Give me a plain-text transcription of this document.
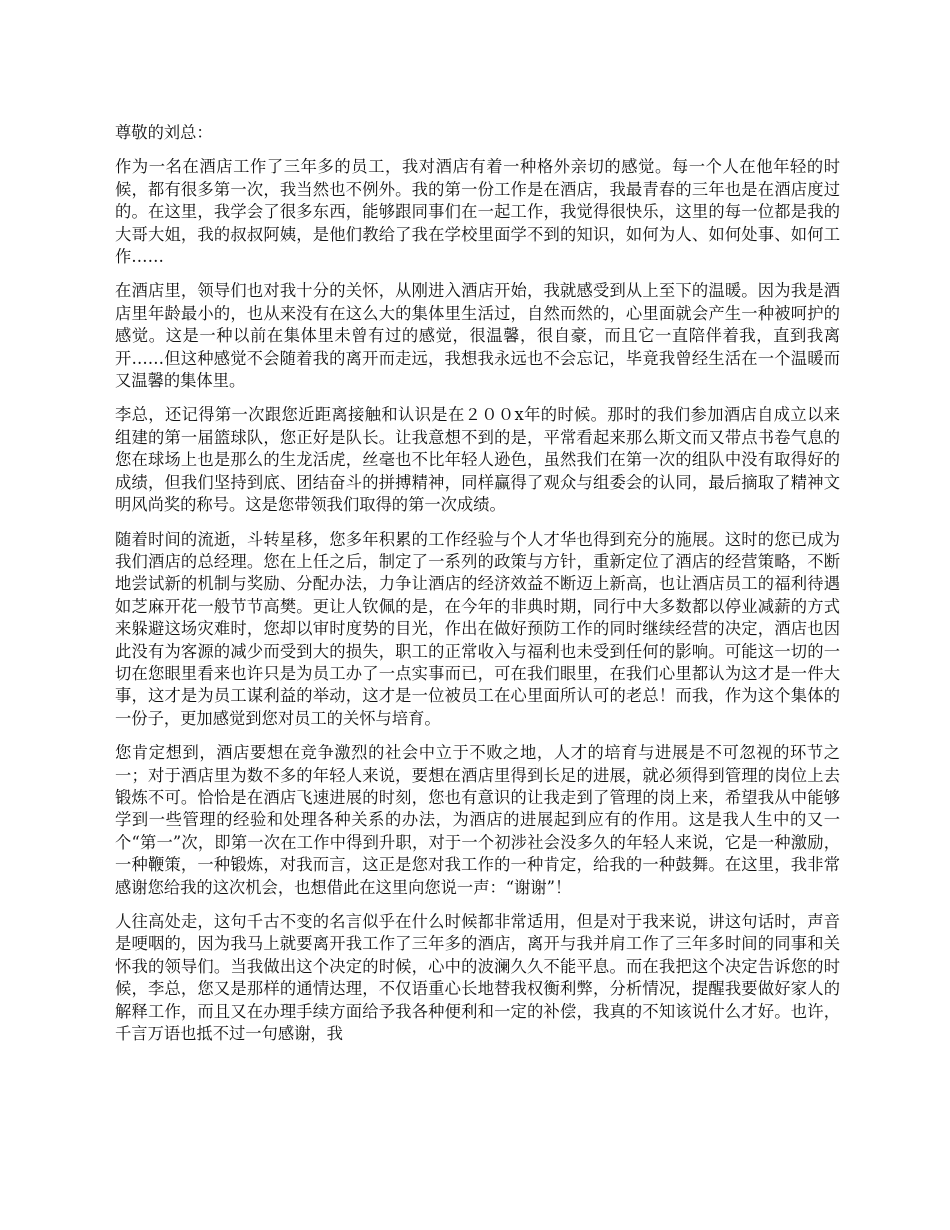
尊敬的刘总：

作为一名在酒店工作了三年多的员工，我对酒店有着一种格外亲切的感觉。每一个人在他年轻的时候，都有很多第一次，我当然也不例外。我的第一份工作是在酒店，我最青春的三年也是在酒店度过的。在这里，我学会了很多东西，能够跟同事们在一起工作，我觉得很快乐，这里的每一位都是我的大哥大姐，我的叔叔阿姨，是他们教给了我在学校里面学不到的知识，如何为人、如何处事、如何工作……

在酒店里，领导们也对我十分的关怀，从刚进入酒店开始，我就感受到从上至下的温暖。因为我是酒店里年龄最小的，也从来没有在这么大的集体里生活过，自然而然的，心里面就会产生一种被呵护的感觉。这是一种以前在集体里未曾有过的感觉，很温馨，很自豪，而且它一直陪伴着我，直到我离开……但这种感觉不会随着我的离开而走远，我想我永远也不会忘记，毕竟我曾经生活在一个温暖而又温馨的集体里。

李总，还记得第一次跟您近距离接触和认识是在２００x年的时候。那时的我们参加酒店自成立以来组建的第一届篮球队，您正好是队长。让我意想不到的是，平常看起来那么斯文而又带点书卷气息的您在球场上也是那么的生龙活虎，丝毫也不比年轻人逊色，虽然我们在第一次的组队中没有取得好的成绩，但我们坚持到底、团结奋斗的拼搏精神，同样赢得了观众与组委会的认同，最后摘取了精神文明风尚奖的称号。这是您带领我们取得的第一次成绩。

随着时间的流逝，斗转星移，您多年积累的工作经验与个人才华也得到充分的施展。这时的您已成为我们酒店的总经理。您在上任之后，制定了一系列的政策与方针，重新定位了酒店的经营策略，不断地尝试新的机制与奖励、分配办法，力争让酒店的经济效益不断迈上新高，也让酒店员工的福利待遇如芝麻开花一般节节高樊。更让人钦佩的是，在今年的非典时期，同行中大多数都以停业减薪的方式来躲避这场灾难时，您却以审时度势的目光，作出在做好预防工作的同时继续经营的决定，酒店也因此没有为客源的减少而受到大的损失，职工的正常收入与福利也未受到任何的影响。可能这一切的一切在您眼里看来也许只是为员工办了一点实事而已，可在我们眼里，在我们心里都认为这才是一件大事，这才是为员工谋利益的举动，这才是一位被员工在心里面所认可的老总！而我，作为这个集体的一份子，更加感觉到您对员工的关怀与培育。

您肯定想到，酒店要想在竞争激烈的社会中立于不败之地，人才的培育与进展是不可忽视的环节之一；对于酒店里为数不多的年轻人来说，要想在酒店里得到长足的进展，就必须得到管理的岗位上去锻炼不可。恰恰是在酒店飞速进展的时刻，您也有意识的让我走到了管理的岗上来，希望我从中能够学到一些管理的经验和处理各种关系的办法，为酒店的进展起到应有的作用。这是我人生中的又一个“第一”次，即第一次在工作中得到升职，对于一个初涉社会没多久的年轻人来说，它是一种激励，一种鞭策，一种锻炼，对我而言，这正是您对我工作的一种肯定，给我的一种鼓舞。在这里，我非常感谢您给我的这次机会，也想借此在这里向您说一声：“谢谢”！

人往高处走，这句千古不变的名言似乎在什么时候都非常适用，但是对于我来说，讲这句话时，声音是哽咽的，因为我马上就要离开我工作了三年多的酒店，离开与我并肩工作了三年多时间的同事和关怀我的领导们。当我做出这个决定的时候，心中的波澜久久不能平息。而在我把这个决定告诉您的时候，李总，您又是那样的通情达理，不仅语重心长地替我权衡利弊，分析情况，提醒我要做好家人的解释工作，而且又在办理手续方面给予我各种便利和一定的补偿，我真的不知该说什么才好。也许，千言万语也抵不过一句感谢，我
